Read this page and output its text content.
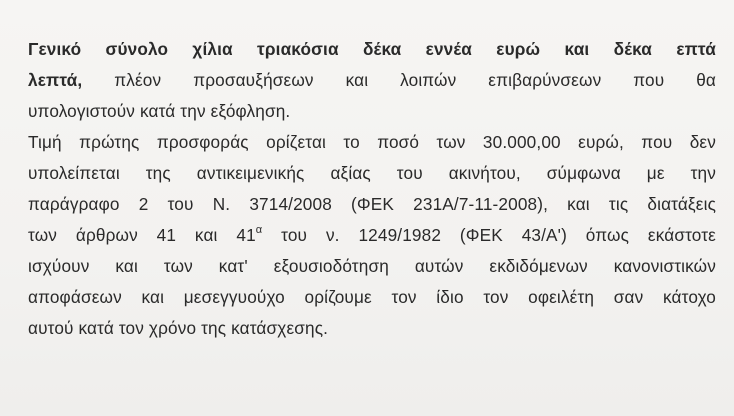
Γενικό σύνολο χίλια τριακόσια δέκα εννέα ευρώ και δέκα επτά
λεπτά, πλέον προσαυξήσεων και λοιπών επιβαρύνσεων που θα
υπολογιστούν κατά την εξόφληση.
Τιμή πρώτης προσφοράς ορίζεται το ποσό των 30.000,00 ευρώ, που δεν
υπολείπεται της αντικειμενικής αξίας του ακινήτου, σύμφωνα με την
παράγραφο 2 του Ν. 3714/2008 (ΦΕΚ 231Α/7-11-2008), και τις διατάξεις
των άρθρων 41 και $41^\alpha$ του ν. 1249/1982 (ΦΕΚ 43/Α') όπως εκάστοτε
ισχύουν και των κατ' εξουσιοδότηση αυτών εκδιδόμενων κανονιστικών
αποφάσεων και μεσεγγυούχο ορίζουμε τον ίδιο τον οφειλέτη σαν κάτοχο
αυτού κατά τον χρόνο της κατάσχεσης.
